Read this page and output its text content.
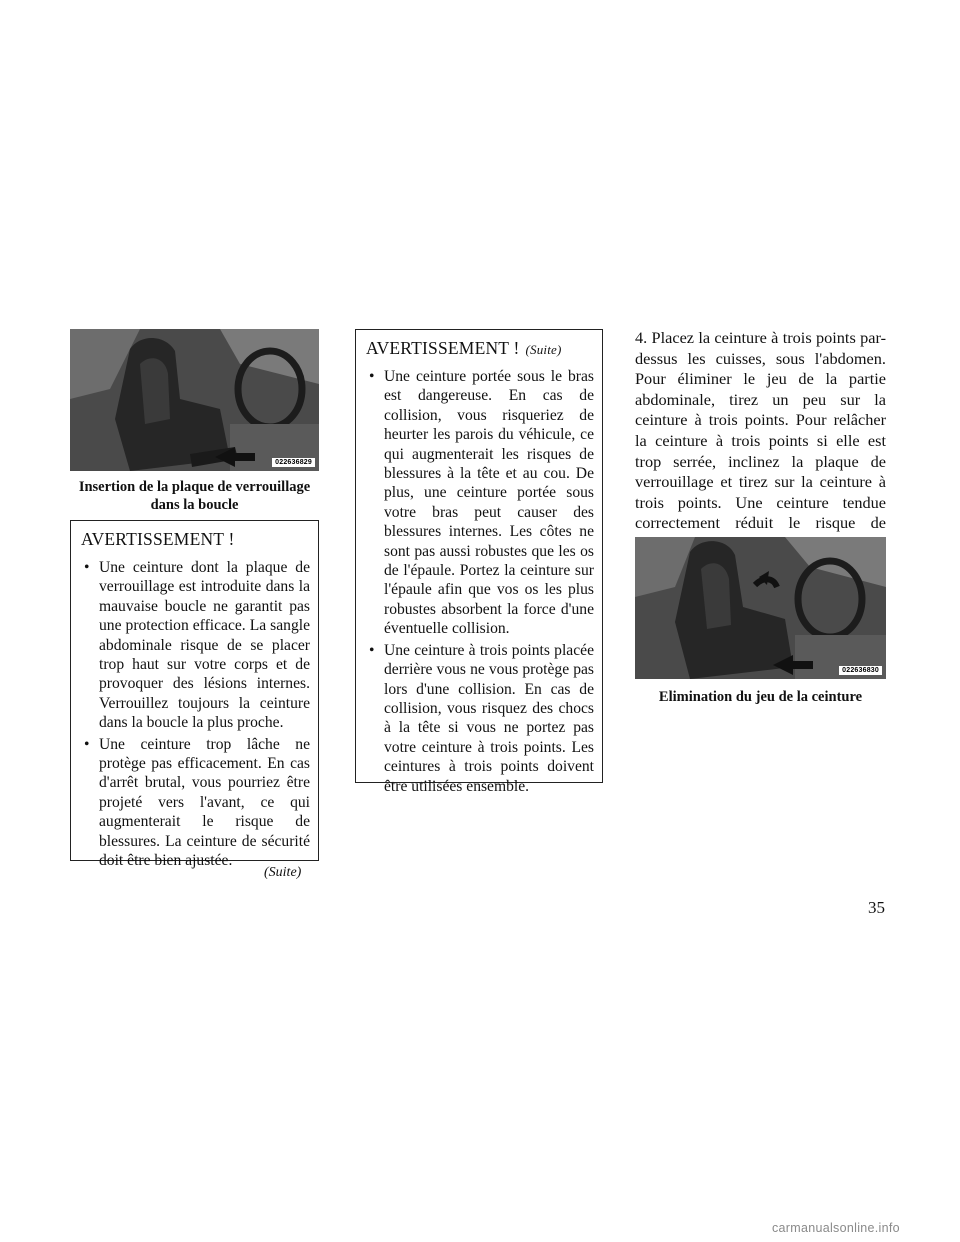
022636829
Insertion de la plaque de verrouillage
dans la boucle
AVERTISSEMENT !
• Une ceinture dont la plaque de verrouillage est introduite dans la mauvaise boucle ne garantit pas une protection efficace. La sangle abdominale risque de se placer trop haut sur votre corps et de provoquer des lésions internes. Verrouillez toujours la ceinture dans la boucle la plus proche.
• Une ceinture trop lâche ne protège pas efficacement. En cas d'arrêt brutal, vous pourriez être projeté vers l'avant, ce qui augmenterait le risque de blessures. La ceinture de sécurité doit être bien ajustée.
(Suite)
AVERTISSEMENT ! (Suite)
• Une ceinture portée sous le bras est dangereuse. En cas de collision, vous risqueriez de heurter les parois du véhicule, ce qui augmenterait les risques de blessures à la tête et au cou. De plus, une ceinture portée sous votre bras peut causer des blessures internes. Les côtes ne sont pas aussi robustes que les os de l'épaule. Portez la ceinture sur l'épaule afin que vos os les plus robustes absorbent la force d'une éventuelle collision.
• Une ceinture à trois points placée derrière vous ne vous protège pas lors d'une collision. En cas de collision, vous risquez des chocs à la tête si vous ne portez pas votre ceinture à trois points. Les ceintures à trois points doivent être utilisées ensemble.
4. Placez la ceinture à trois points par-dessus les cuisses, sous l'abdomen. Pour éliminer le jeu de la partie abdominale, tirez un peu sur la ceinture à trois points. Pour relâcher la ceinture à trois points si elle est trop serrée, inclinez la plaque de verrouillage et tirez sur la ceinture à trois points. Une ceinture tendue correctement réduit le risque de
022636830
Elimination du jeu de la ceinture
35
carmanualsonline.info
